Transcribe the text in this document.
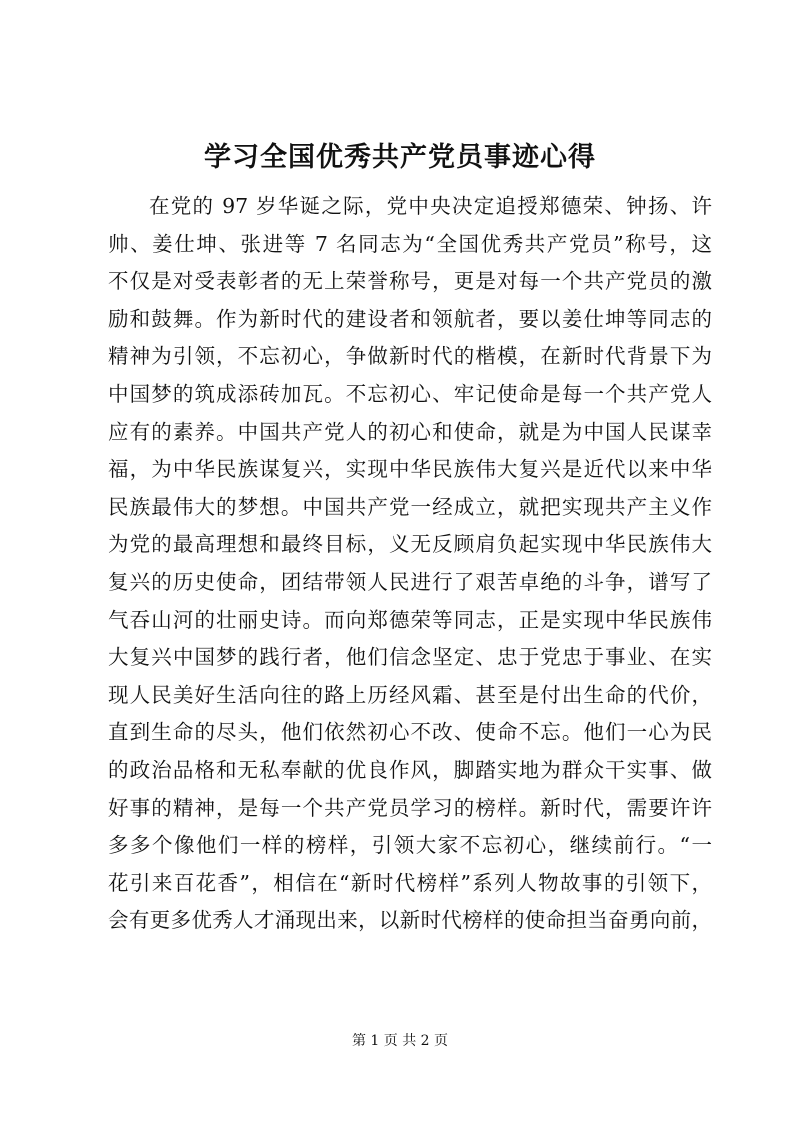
学习全国优秀共产党员事迹心得
在党的 97 岁华诞之际，党中央决定追授郑德荣、钟扬、许
帅、姜仕坤、张进等 7 名同志为“全国优秀共产党员”称号，这
不仅是对受表彰者的无上荣誉称号，更是对每一个共产党员的激
励和鼓舞。作为新时代的建设者和领航者，要以姜仕坤等同志的
精神为引领，不忘初心，争做新时代的楷模，在新时代背景下为
中国梦的筑成添砖加瓦。不忘初心、牢记使命是每一个共产党人
应有的素养。中国共产党人的初心和使命，就是为中国人民谋幸
福，为中华民族谋复兴，实现中华民族伟大复兴是近代以来中华
民族最伟大的梦想。中国共产党一经成立，就把实现共产主义作
为党的最高理想和最终目标，义无反顾肩负起实现中华民族伟大
复兴的历史使命，团结带领人民进行了艰苦卓绝的斗争，谱写了
气吞山河的壮丽史诗。而向郑德荣等同志，正是实现中华民族伟
大复兴中国梦的践行者，他们信念坚定、忠于党忠于事业、在实
现人民美好生活向往的路上历经风霜、甚至是付出生命的代价，
直到生命的尽头，他们依然初心不改、使命不忘。他们一心为民
的政治品格和无私奉献的优良作风，脚踏实地为群众干实事、做
好事的精神，是每一个共产党员学习的榜样。新时代，需要许许
多多个像他们一样的榜样，引领大家不忘初心，继续前行。“一
花引来百花香”，相信在“新时代榜样”系列人物故事的引领下，
会有更多优秀人才涌现出来，以新时代榜样的使命担当奋勇向前，
第 1 页 共 2 页
